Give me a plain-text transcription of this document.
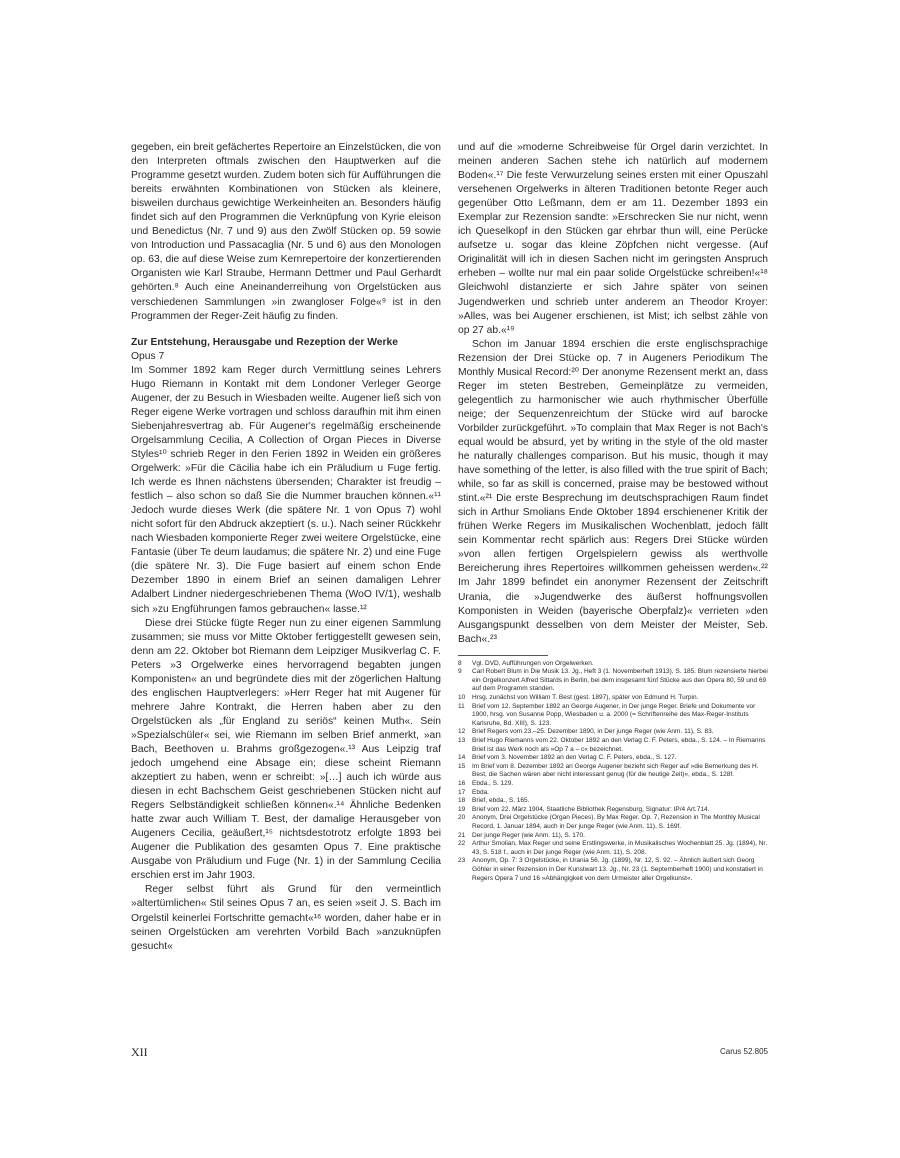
gegeben, ein breit gefächertes Repertoire an Einzelstücken, die von den Interpreten oftmals zwischen den Hauptwerken auf die Programme gesetzt wurden. Zudem boten sich für Aufführungen die bereits erwähnten Kombinationen von Stücken als kleinere, bisweilen durchaus gewichtige Werkeinheiten an. Besonders häufig findet sich auf den Programmen die Verknüpfung von Kyrie eleison und Benedictus (Nr. 7 und 9) aus den Zwölf Stücken op. 59 sowie von Introduction und Passacaglia (Nr. 5 und 6) aus den Monologen op. 63, die auf diese Weise zum Kernrepertoire der konzertierenden Organisten wie Karl Straube, Hermann Dettmer und Paul Gerhardt gehörten.⁸ Auch eine Aneinanderreihung von Orgelstücken aus verschiedenen Sammlungen »in zwangloser Folge«⁹ ist in den Programmen der Reger-Zeit häufig zu finden.

Zur Entstehung, Herausgabe und Rezeption der Werke

Opus 7

Im Sommer 1892 kam Reger durch Vermittlung seines Lehrers Hugo Riemann in Kontakt mit dem Londoner Verleger George Augener, der zu Besuch in Wiesbaden weilte. Augener ließ sich von Reger eigene Werke vortragen und schloss daraufhin mit ihm einen Siebenjahresvertrag ab. Für Augener's regelmäßig erscheinende Orgelsammlung Cecilia, A Collection of Organ Pieces in Diverse Styles¹⁰ schrieb Reger in den Ferien 1892 in Weiden ein größeres Orgelwerk: »Für die Cäcilia habe ich ein Präludium u Fuge fertig. Ich werde es Ihnen nächstens übersenden; Charakter ist freudig – festlich – also schon so daß Sie die Nummer brauchen können.«¹¹ Jedoch wurde dieses Werk (die spätere Nr. 1 von Opus 7) wohl nicht sofort für den Abdruck akzeptiert (s. u.). Nach seiner Rückkehr nach Wiesbaden komponierte Reger zwei weitere Orgelstücke, eine Fantasie (über Te deum laudamus; die spätere Nr. 2) und eine Fuge (die spätere Nr. 3). Die Fuge basiert auf einem schon Ende Dezember 1890 in einem Brief an seinen damaligen Lehrer Adalbert Lindner niedergeschriebenen Thema (WoO IV/1), weshalb sich »zu Engführungen famos gebrauchen« lasse.¹²

Diese drei Stücke fügte Reger nun zu einer eigenen Sammlung zusammen; sie muss vor Mitte Oktober fertiggestellt gewesen sein, denn am 22. Oktober bot Riemann dem Leipziger Musikverlag C. F. Peters »3 Orgelwerke eines hervorragend begabten jungen Komponisten« an und begründete dies mit der zögerlichen Haltung des englischen Hauptverlegers: »Herr Reger hat mit Augener für mehrere Jahre Kontrakt, die Herren haben aber zu den Orgelstücken als „für England zu seriös“ keinen Muth«. Sein »Spezialschüler« sei, wie Riemann im selben Brief anmerkt, »an Bach, Beethoven u. Brahms großgezogen«.¹³ Aus Leipzig traf jedoch umgehend eine Absage ein; diese scheint Riemann akzeptiert zu haben, wenn er schreibt: »[…] auch ich würde aus diesen in echt Bachschem Geist geschriebenen Stücken nicht auf Regers Selbständigkeit schließen können«.¹⁴ Ähnliche Bedenken hatte zwar auch William T. Best, der damalige Herausgeber von Augeners Cecilia, geäußert,¹⁵ nichtsdestotrotz erfolgte 1893 bei Augener die Publikation des gesamten Opus 7. Eine praktische Ausgabe von Präludium und Fuge (Nr. 1) in der Sammlung Cecilia erschien erst im Jahr 1903.

Reger selbst führt als Grund für den vermeintlich »altertümlichen« Stil seines Opus 7 an, es seien »seit J. S. Bach im Orgelstil keinerlei Fortschritte gemacht«¹⁶ worden, daher habe er in seinen Orgelstücken am verehrten Vorbild Bach »anzuknüpfen gesucht«

und auf die »moderne Schreibweise für Orgel darin verzichtet. In meinen anderen Sachen stehe ich natürlich auf modernem Boden«.¹⁷ Die feste Verwurzelung seines ersten mit einer Opuszahl versehenen Orgelwerks in älteren Traditionen betonte Reger auch gegenüber Otto Leßmann, dem er am 11. Dezember 1893 ein Exemplar zur Rezension sandte: »Erschrecken Sie nur nicht, wenn ich Queselkopf in den Stücken gar ehrbar thun will, eine Perücke aufsetze u. sogar das kleine Zöpfchen nicht vergesse. (Auf Originalität will ich in diesen Sachen nicht im geringsten Anspruch erheben – wollte nur mal ein paar solide Orgelstücke schreiben!«¹⁸ Gleichwohl distanzierte er sich Jahre später von seinen Jugendwerken und schrieb unter anderem an Theodor Kroyer: »Alles, was bei Augener erschienen, ist Mist; ich selbst zähle von op 27 ab.«¹⁹

Schon im Januar 1894 erschien die erste englischsprachige Rezension der Drei Stücke op. 7 in Augeners Periodikum The Monthly Musical Record:²⁰ Der anonyme Rezensent merkt an, dass Reger im steten Bestreben, Gemeinplätze zu vermeiden, gelegentlich zu harmonischer wie auch rhythmischer Überfülle neige; der Sequenzenreichtum der Stücke wird auf barocke Vorbilder zurückgeführt. »To complain that Max Reger is not Bach's equal would be absurd, yet by writing in the style of the old master he naturally challenges comparison. But his music, though it may have something of the letter, is also filled with the true spirit of Bach; while, so far as skill is concerned, praise may be bestowed without stint.«²¹ Die erste Besprechung im deutschsprachigen Raum findet sich in Arthur Smolians Ende Oktober 1894 erschienener Kritik der frühen Werke Regers im Musikalischen Wochenblatt, jedoch fällt sein Kommentar recht spärlich aus: Regers Drei Stücke würden »von allen fertigen Orgelspielern gewiss als werthvolle Bereicherung ihres Repertoires willkommen geheissen werden«.²² Im Jahr 1899 befindet ein anonymer Rezensent der Zeitschrift Urania, die »Jugendwerke des äußerst hoffnungsvollen Komponisten in Weiden (bayerische Oberpfalz)« verrieten »den Ausgangspunkt desselben von dem Meister der Meister, Seb. Bach«.²³

8	Vgl. DVD, Aufführungen von Orgelwerken.
9	Carl Robert Blum in Die Musik 13. Jg., Heft 3 (1. Novemberheft 1913), S. 185. Blum rezensierte hierbei ein Orgelkonzert Alfred Sittards in Berlin, bei dem insgesamt fünf Stücke aus den Opera 80, 59 und 69 auf dem Programm standen.
10	Hrsg. zunächst von William T. Best (gest. 1897), später von Edmund H. Turpin.
11	Brief vom 12. September 1892 an George Augener, in Der junge Reger. Briefe und Dokumente vor 1900, hrsg. von Susanne Popp, Wiesbaden u. a. 2000 (= Schriftenreihe des Max-Reger-Instituts Karlsruhe, Bd. XIII), S. 123.
12	Brief Regers vom 23.–25. Dezember 1890, in Der junge Reger (wie Anm. 11), S. 83.
13	Brief Hugo Riemanns vom 22. Oktober 1892 an den Verlag C. F. Peters, ebda., S. 124. – In Riemanns Brief ist das Werk noch als »Op 7 a – c« bezeichnet.
14	Brief vom 3. November 1892 an den Verlag C. F. Peters, ebda., S. 127.
15	Im Brief vom 8. Dezember 1892 an George Augener bezieht sich Reger auf »die Bemerkung des H. Best, die Sachen wären aber nicht interessant genug (für die heutige Zeit)«, ebda., S. 128f.
16	Ebda., S. 129.
17	Ebda.
18	Brief, ebda., S. 165.
19	Brief vom 22. März 1904, Staatliche Bibliothek Regensburg, Signatur: IP/4 Art.714.
20	Anonym, Drei Orgelstücke (Organ Pieces). By Max Reger. Op. 7, Rezension in The Monthly Musical Record, 1. Januar 1894, auch in Der junge Reger (wie Anm. 11), S. 169f.
21	Der junge Reger (wie Anm. 11), S. 170.
22	Arthur Smolian, Max Reger und seine Erstlingswerke, in Musikalisches Wochenblatt 25. Jg. (1894), Nr. 43, S. 518 f., auch in Der junge Reger (wie Anm. 11), S. 208.
23	Anonym, Op. 7: 3 Orgelstücke, in Urania 56. Jg. (1899), Nr. 12, S. 92. – Ähnlich äußert sich Georg Göhler in einer Rezension in Der Kunstwart 13. Jg., Nr. 23 (1. Septemberheft 1900) und konstatiert in Regers Opera 7 und 16 »Abhängigkeit von dem Urmeister aller Orgelkunst«.
XII	Carus 52.805
